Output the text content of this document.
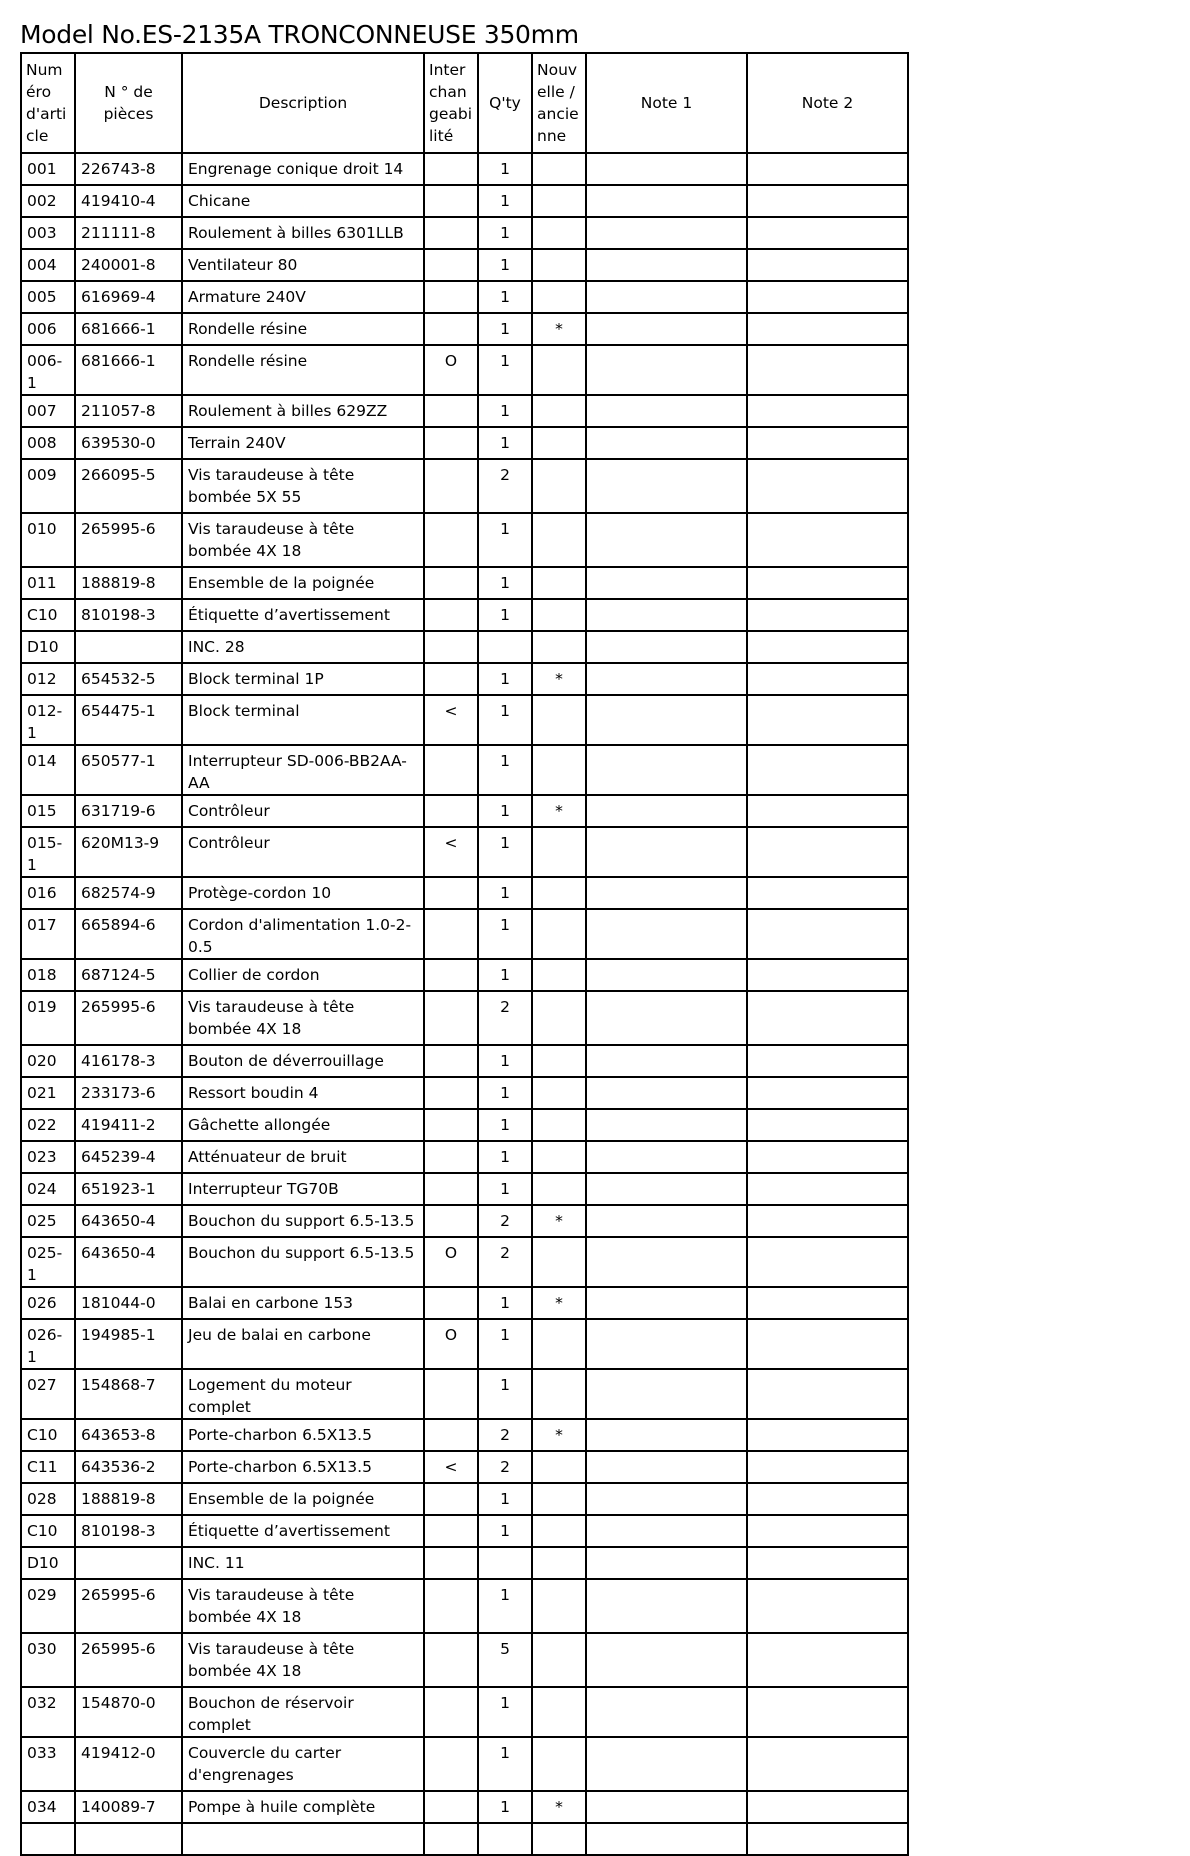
Model No.ES-2135A TRONCONNEUSE 350mm
Numéro d'article	N ° de pièces	Description	Interchangeabilité	Q'ty	Nouvelle / ancienne	Note 1	Note 2
001	226743-8	Engrenage conique droit 14		1			
002	419410-4	Chicane		1			
003	211111-8	Roulement à billes 6301LLB		1			
004	240001-8	Ventilateur 80		1			
005	616969-4	Armature 240V		1			
006	681666-1	Rondelle résine		1	*		
006-1	681666-1	Rondelle résine	O	1			
007	211057-8	Roulement à billes 629ZZ		1			
008	639530-0	Terrain 240V		1			
009	266095-5	Vis taraudeuse à tête bombée 5X 55		2			
010	265995-6	Vis taraudeuse à tête bombée 4X 18		1			
011	188819-8	Ensemble de la poignée		1			
C10	810198-3	Étiquette d’avertissement		1			
D10		INC. 28					
012	654532-5	Block terminal 1P		1	*		
012-1	654475-1	Block terminal	<	1			
014	650577-1	Interrupteur SD-006-BB2AA-AA		1			
015	631719-6	Contrôleur		1	*		
015-1	620M13-9	Contrôleur	<	1			
016	682574-9	Protège-cordon 10		1			
017	665894-6	Cordon d'alimentation 1.0-2-0.5		1			
018	687124-5	Collier de cordon		1			
019	265995-6	Vis taraudeuse à tête bombée 4X 18		2			
020	416178-3	Bouton de déverrouillage		1			
021	233173-6	Ressort boudin 4		1			
022	419411-2	Gâchette allongée		1			
023	645239-4	Atténuateur de bruit		1			
024	651923-1	Interrupteur TG70B		1			
025	643650-4	Bouchon du support 6.5-13.5		2	*		
025-1	643650-4	Bouchon du support 6.5-13.5	O	2			
026	181044-0	Balai en carbone 153		1	*		
026-1	194985-1	Jeu de balai en carbone	O	1			
027	154868-7	Logement du moteur complet		1			
C10	643653-8	Porte-charbon 6.5X13.5		2	*		
C11	643536-2	Porte-charbon 6.5X13.5	<	2			
028	188819-8	Ensemble de la poignée		1			
C10	810198-3	Étiquette d’avertissement		1			
D10		INC. 11					
029	265995-6	Vis taraudeuse à tête bombée 4X 18		1			
030	265995-6	Vis taraudeuse à tête bombée 4X 18		5			
032	154870-0	Bouchon de réservoir complet		1			
033	419412-0	Couvercle du carter d'engrenages		1			
034	140089-7	Pompe à huile complète		1	*		
